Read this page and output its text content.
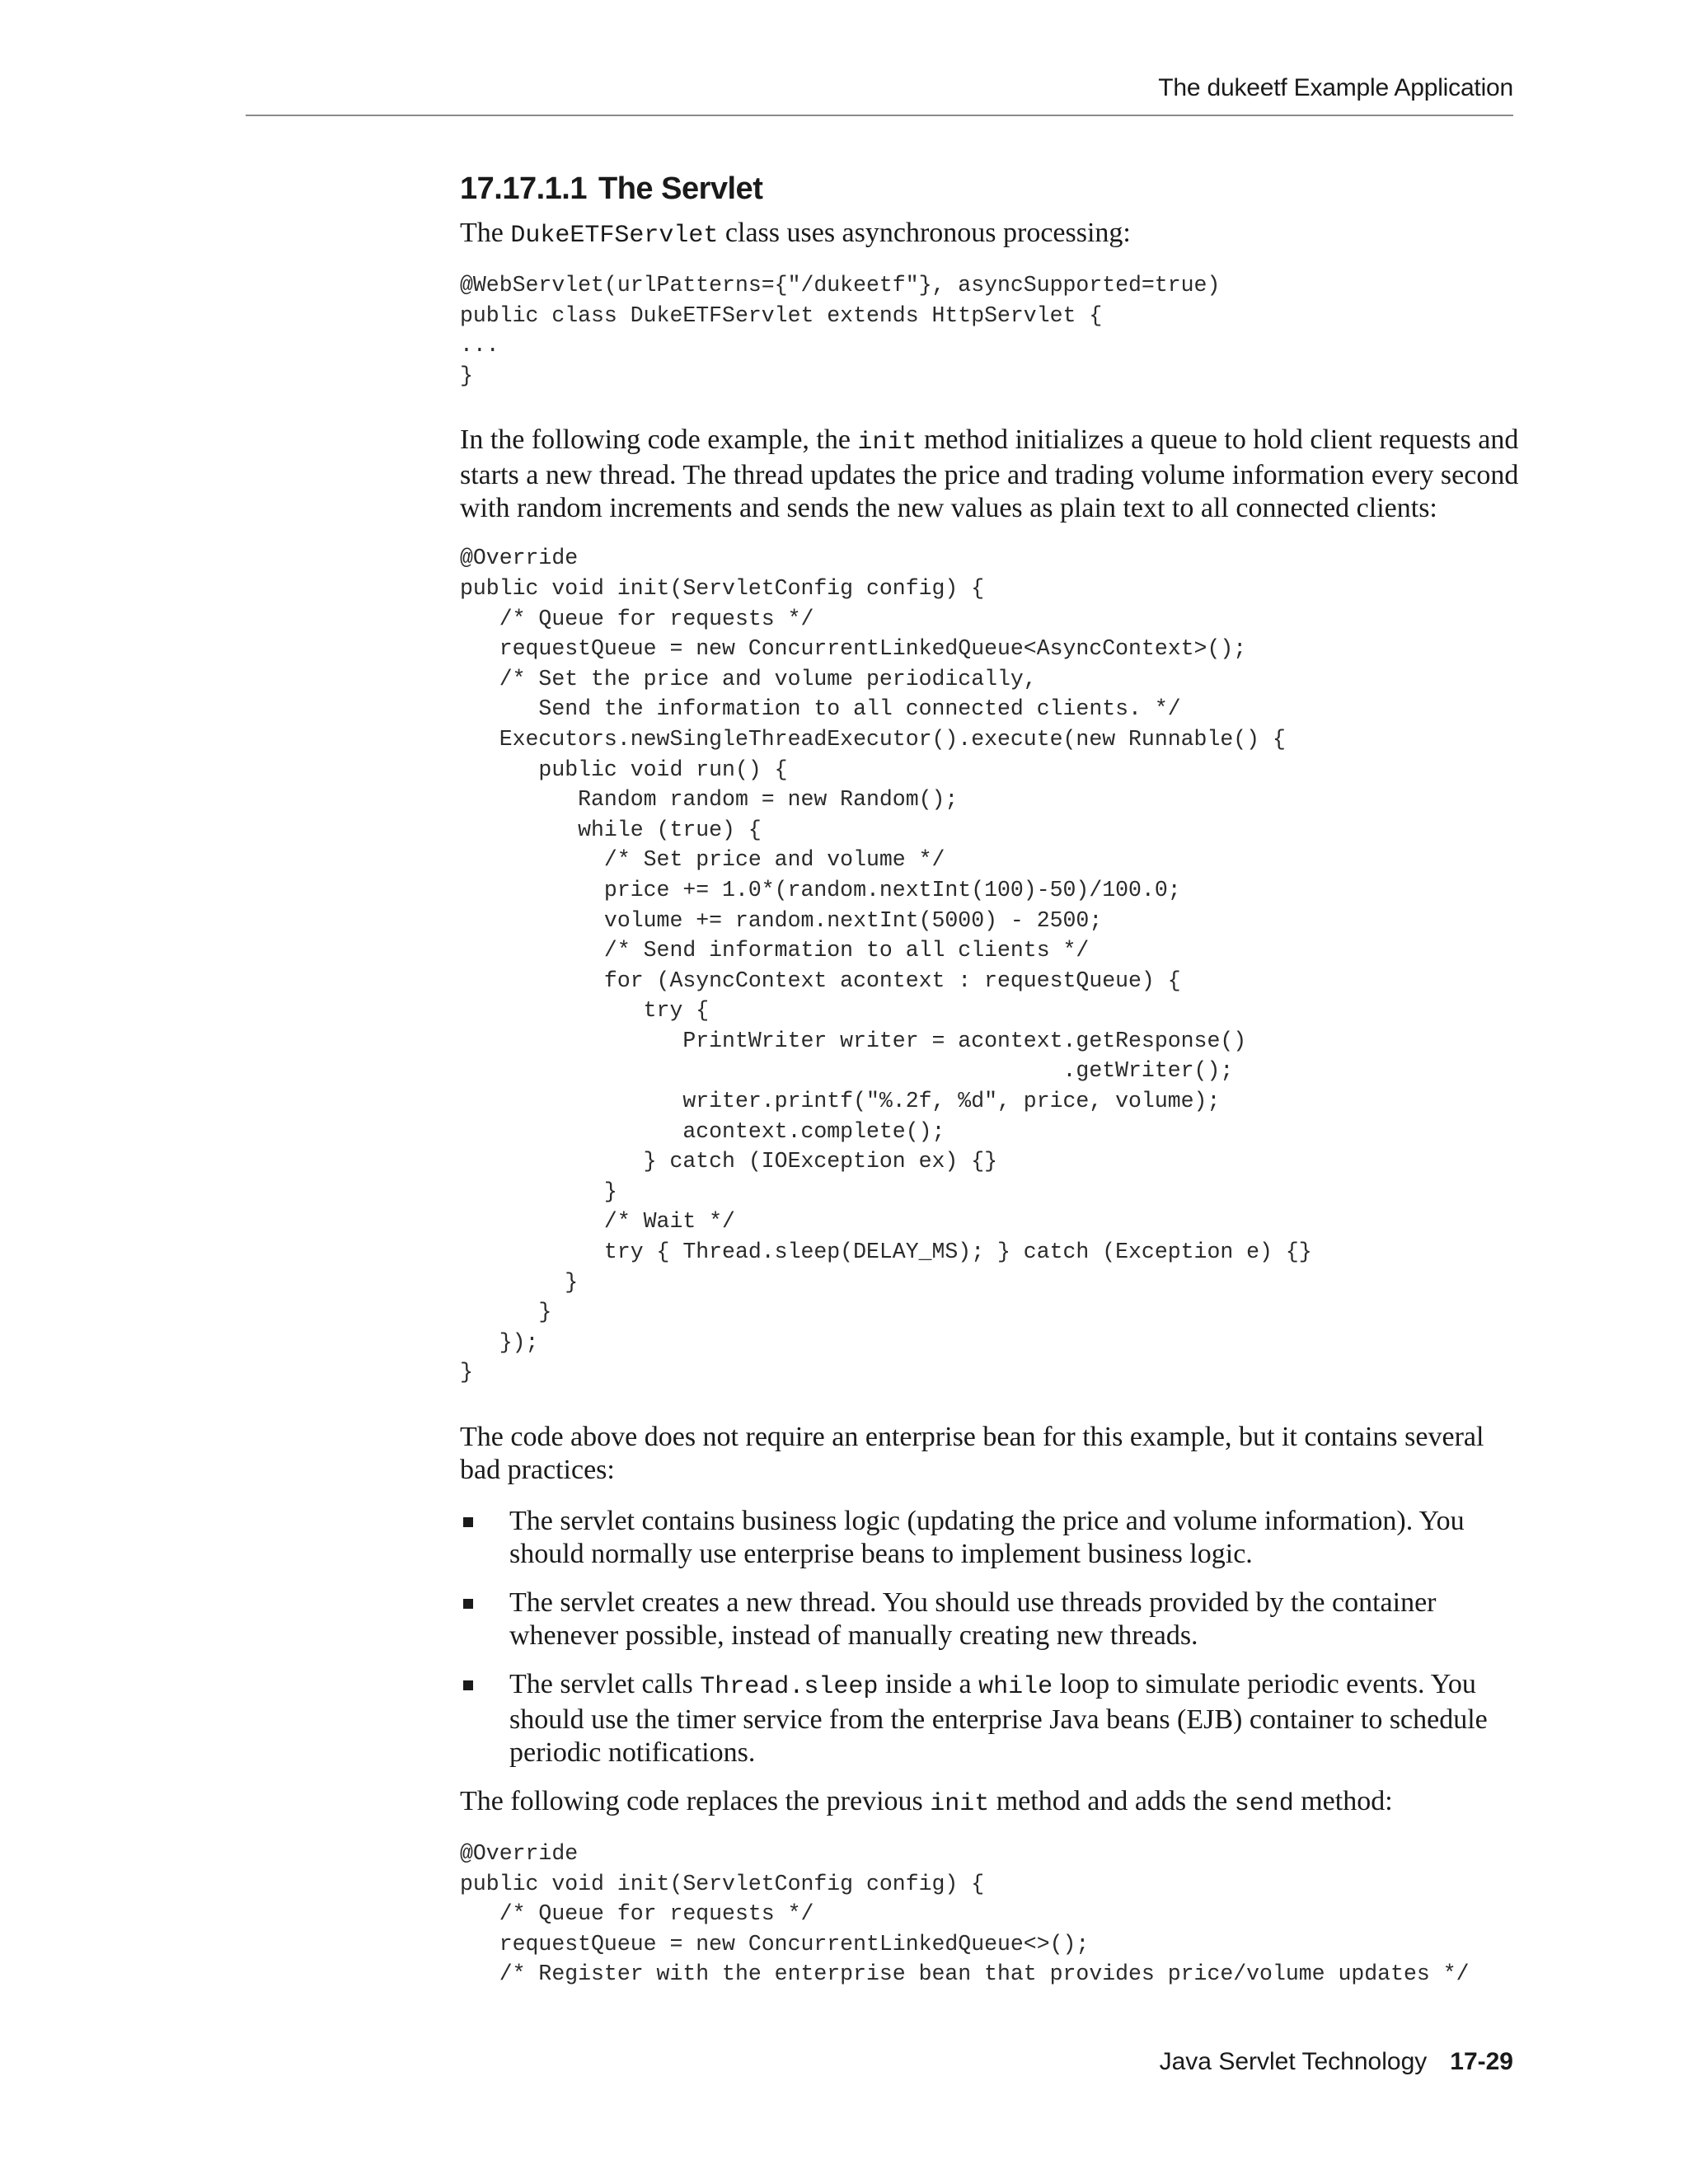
The dukeetf Example Application
17.17.1.1 The Servlet

The DukeETFServlet class uses asynchronous processing:

@WebServlet(urlPatterns={"/dukeetf"}, asyncSupported=true)
public class DukeETFServlet extends HttpServlet {
...
}

In the following code example, the init method initializes a queue to hold client requests and starts a new thread. The thread updates the price and trading volume information every second with random increments and sends the new values as plain text to all connected clients:

@Override
public void init(ServletConfig config) {
/* Queue for requests */
requestQueue = new ConcurrentLinkedQueue<AsyncContext>();
/* Set the price and volume periodically,
Send the information to all connected clients. */
Executors.newSingleThreadExecutor().execute(new Runnable() {
public void run() {
Random random = new Random();
while (true) {
/* Set price and volume */
price += 1.0*(random.nextInt(100)-50)/100.0;
volume += random.nextInt(5000) - 2500;
/* Send information to all clients */
for (AsyncContext acontext : requestQueue) {
try {
PrintWriter writer = acontext.getResponse()
.getWriter();
writer.printf("%.2f, %d", price, volume);
acontext.complete();
} catch (IOException ex) {}
}
/* Wait */
try { Thread.sleep(DELAY_MS); } catch (Exception e) {}
}
}
});
}

The code above does not require an enterprise bean for this example, but it contains several bad practices:

The servlet contains business logic (updating the price and volume information). You should normally use enterprise beans to implement business logic.
The servlet creates a new thread. You should use threads provided by the container whenever possible, instead of manually creating new threads.
The servlet calls Thread.sleep inside a while loop to simulate periodic events. You should use the timer service from the enterprise Java beans (EJB) container to schedule periodic notifications.

The following code replaces the previous init method and adds the send method:

@Override
public void init(ServletConfig config) {
/* Queue for requests */
requestQueue = new ConcurrentLinkedQueue<>();
/* Register with the enterprise bean that provides price/volume updates */
Java Servlet Technology 17-29
